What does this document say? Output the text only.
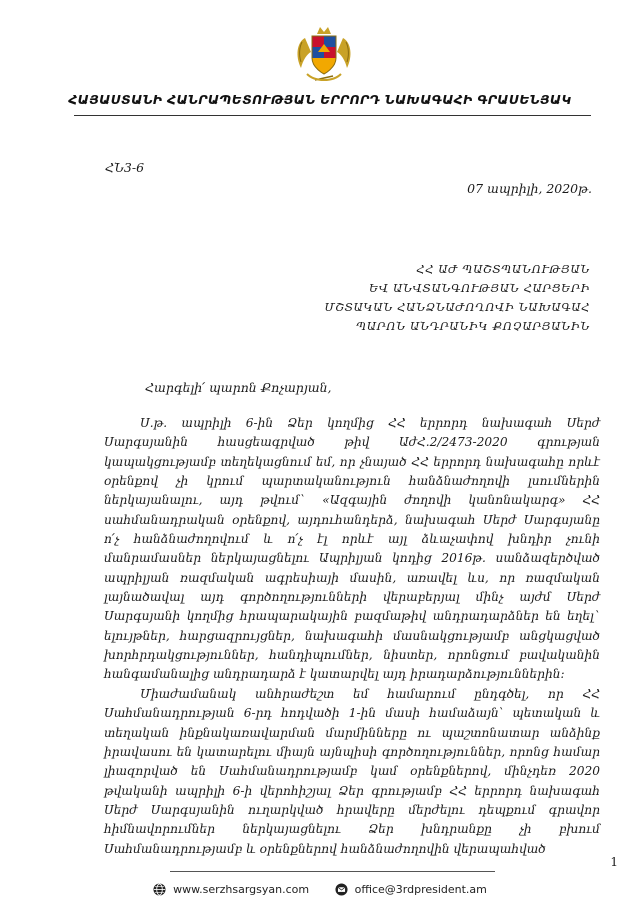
ՀԱՅԱՍՏԱՆԻ ՀԱՆՐԱՊԵՏՈՒԹՅԱՆ ԵՐՐՈՐԴ ՆԱԽԱԳԱՀԻ ԳՐԱՍԵՆՅԱԿ
ՀՆ3-6
07 ապրիլի, 2020թ.
ՀՀ ԱԺ ՊԱՇՏՊԱՆՈՒԹՅԱՆ
ԵՎ ԱՆՎՏԱՆԳՈՒԹՅԱՆ ՀԱՐՑԵՐԻ
ՄՇՏԱԿԱՆ ՀԱՆՁՆԱԺՈՂՈՎԻ ՆԱԽԱԳԱՀ
ՊԱՐՈՆ ԱՆԴՐԱՆԻԿ ՔՈՉԱՐՅԱՆԻՆ
Հարգելի՛ պարոն Քոչարյան,

Ս.թ. ապրիլի 6-ին Ձեր կողմից ՀՀ երրորդ նախագահ Սերժ Սարգսյանին հասցեագրված թիվ ԱժՀ.2/2473-2020 գրության կապակցությամբ տեղեկացնում եմ, որ չնայած ՀՀ երրորդ նախագահը որևէ օրենքով չի կրում պարտականություն հանձնաժողովի լսումներին ներկայանալու, այդ թվում` «Ազգային ժողովի կանոնակարգ» ՀՀ սահմանադրական օրենքով, այդուհանդերձ, նախագահ Սերժ Սարգսյանը ո՛չ հանձնաժողովում և ո՛չ էլ որևէ այլ ձևաչափով խնդիր չունի մանրամասներ ներկայացնելու Ապրիլյան կոդից 2016թ. սանձազերծված ապրիլյան ռազմական ագրեսիայի մասին, առավել ևս, որ ռազմական լայնածավալ այդ գործողությունների վերաբերյալ մինչ այժմ Սերժ Սարգսյանի կողմից հրապարակային բազմաթիվ անդրադարձներ են եղել` ելույթներ, հարցազրույցներ, նախագահի մասնակցությամբ անցկացված խորհրդակցություններ, հանդիպումներ, նիստեր, որոնցում բավականին հանգամանալից անդրադարձ է կատարվել այդ իրադարձություններին:

Միաժամանակ անհրաժեշտ եմ համարում ընդգծել, որ ՀՀ Սահմանադրության 6-րդ հոդվածի 1-ին մասի համաձայն՝ պետական և տեղական ինքնակառավարման մարմինները ու պաշտոնատար անձինք իրավասու են կատարելու միայն այնպիսի գործողություններ, որոնց համար լիազորված են Սահմանադրությամբ կամ օրենքներով, մինչդեռ 2020 թվականի ապրիլի 6-ի վերոհիշյալ Ձեր գրությամբ ՀՀ երրորդ նախագահ Սերժ Սարգսյանին ուղարկված հրավերը մերժելու դեպքում գրավոր հիմնավորումներ ներկայացնելու Ձեր խնդրանքը չի բխում Սահմանադրությամբ և օրենքներով հանձնաժողովին վերապահված

1
www.serzhsargsyan.com
	office@3rdpresident.am
